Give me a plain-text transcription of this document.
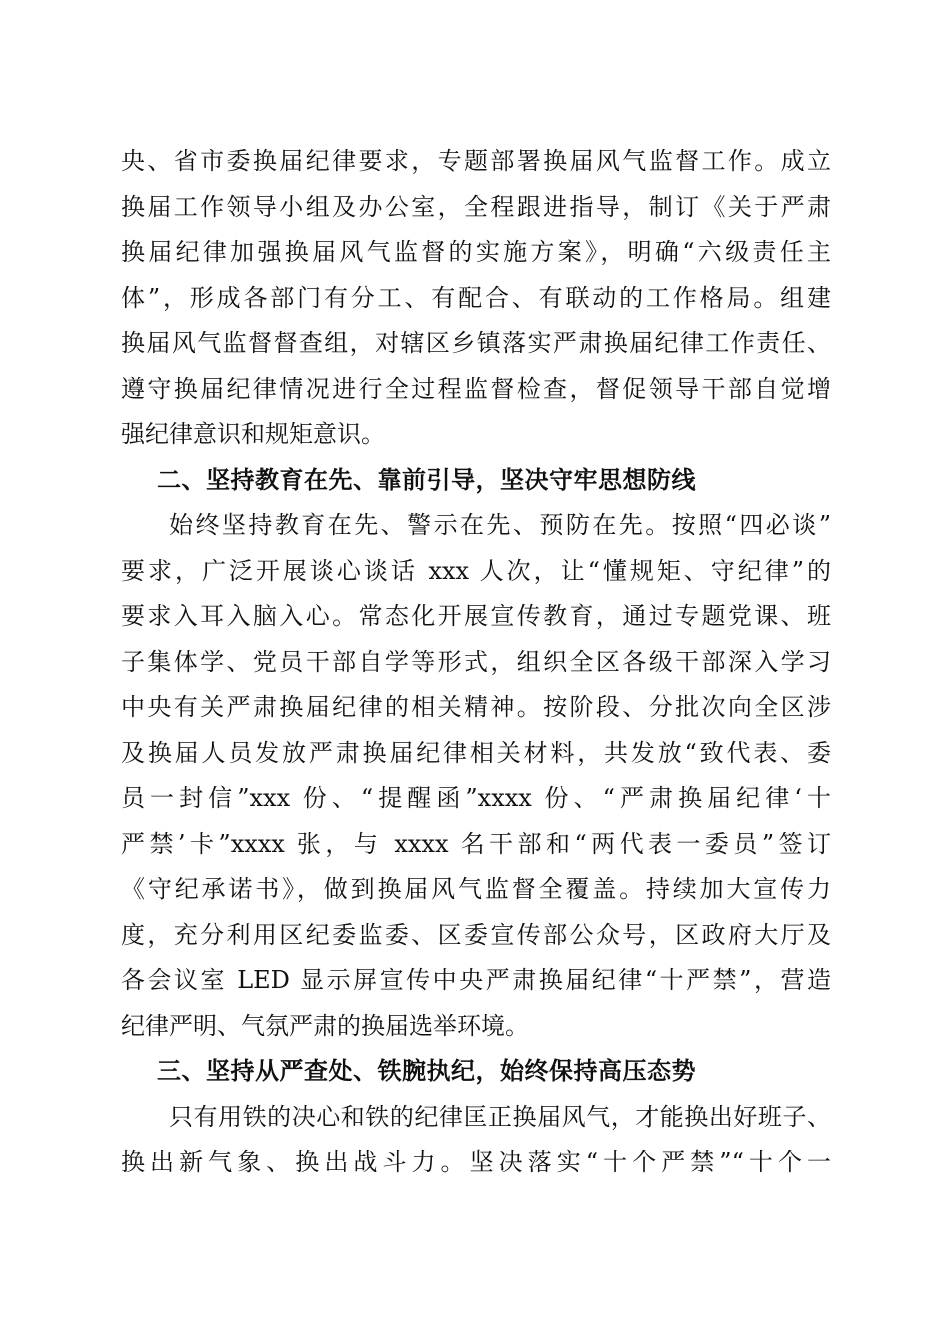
央、省市委换届纪律要求，专题部署换届风气监督工作。成立
换届工作领导小组及办公室，全程跟进指导，制订《关于严肃
换届纪律加强换届风气监督的实施方案》，明确“六级责任主
体”，形成各部门有分工、有配合、有联动的工作格局。组建
换届风气监督督查组，对辖区乡镇落实严肃换届纪律工作责任、
遵守换届纪律情况进行全过程监督检查，督促领导干部自觉增
强纪律意识和规矩意识。
二、坚持教育在先、靠前引导，坚决守牢思想防线
始终坚持教育在先、警示在先、预防在先。按照“四必谈”
要求，广泛开展谈心谈话 xxx 人次，让“懂规矩、守纪律”的
要求入耳入脑入心。常态化开展宣传教育，通过专题党课、班
子集体学、党员干部自学等形式，组织全区各级干部深入学习
中央有关严肃换届纪律的相关精神。按阶段、分批次向全区涉
及换届人员发放严肃换届纪律相关材料，共发放“致代表、委
员一封信”xxx 份、“提醒函”xxxx 份、“严肃换届纪律‘十
严禁’卡”xxxx 张，与 xxxx 名干部和“两代表一委员”签订
《守纪承诺书》，做到换届风气监督全覆盖。持续加大宣传力
度，充分利用区纪委监委、区委宣传部公众号，区政府大厅及
各会议室 LED 显示屏宣传中央严肃换届纪律“十严禁”，营造
纪律严明、气氛严肃的换届选举环境。
三、坚持从严查处、铁腕执纪，始终保持高压态势
只有用铁的决心和铁的纪律匡正换届风气，才能换出好班子、
换出新气象、换出战斗力。坚决落实“十个严禁”“十个一
